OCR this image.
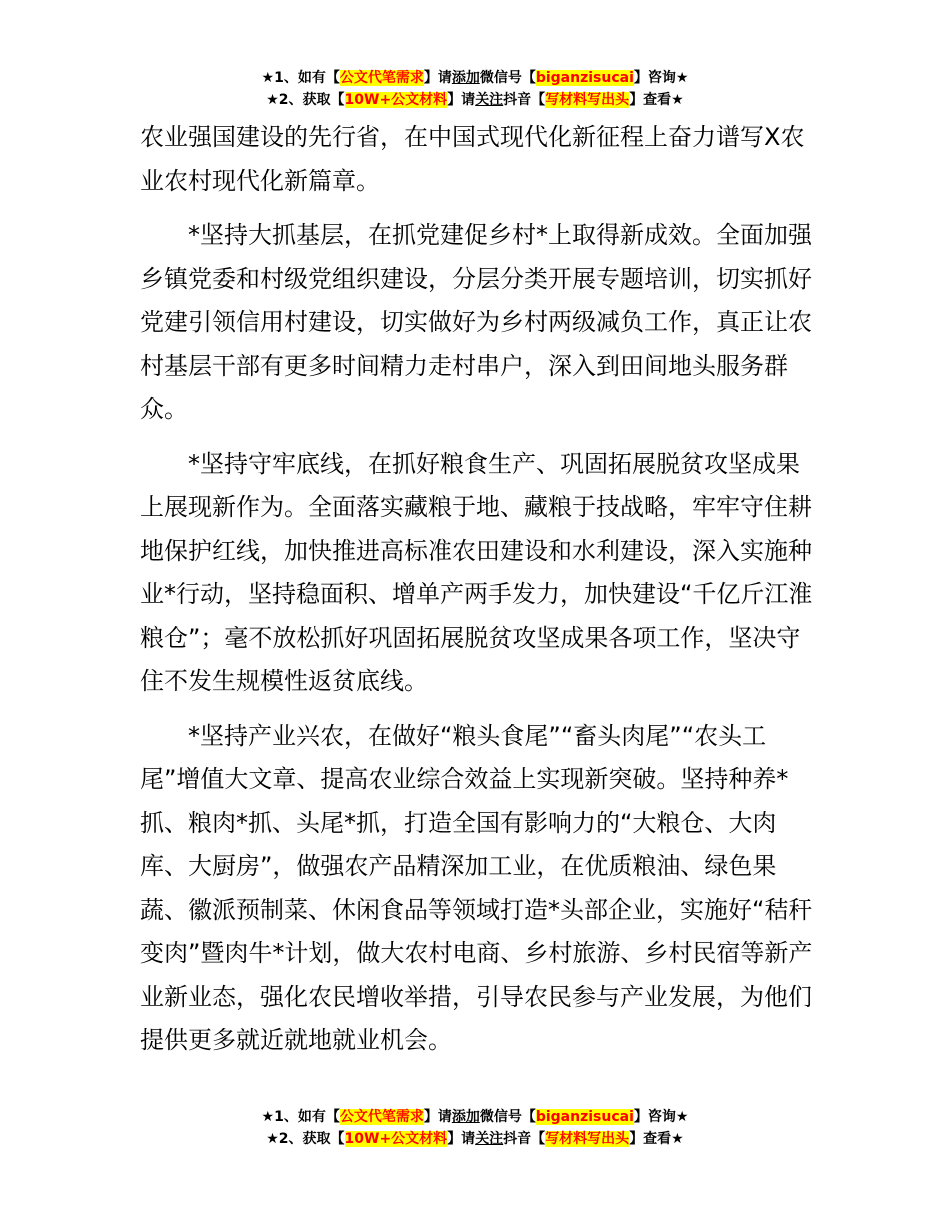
★1、如有【公文代笔需求】请添加微信号【biganzisucai】咨询★
★2、获取【10W+公文材料】请关注抖音【写材料写出头】查看★

农业强国建设的先行省，在中国式现代化新征程上奋力谱写X农业农村现代化新篇章。

*坚持大抓基层，在抓党建促乡村*上取得新成效。全面加强乡镇党委和村级党组织建设，分层分类开展专题培训，切实抓好党建引领信用村建设，切实做好为乡村两级减负工作，真正让农村基层干部有更多时间精力走村串户，深入到田间地头服务群众。

*坚持守牢底线，在抓好粮食生产、巩固拓展脱贫攻坚成果上展现新作为。全面落实藏粮于地、藏粮于技战略，牢牢守住耕地保护红线，加快推进高标准农田建设和水利建设，深入实施种业*行动，坚持稳面积、增单产两手发力，加快建设“千亿斤江淮粮仓”；毫不放松抓好巩固拓展脱贫攻坚成果各项工作，坚决守住不发生规模性返贫底线。

*坚持产业兴农，在做好“粮头食尾”“畜头肉尾”“农头工尾”增值大文章、提高农业综合效益上实现新突破。坚持种养*抓、粮肉*抓、头尾*抓，打造全国有影响力的“大粮仓、大肉库、大厨房”，做强农产品精深加工业，在优质粮油、绿色果蔬、徽派预制菜、休闲食品等领域打造*头部企业，实施好“秸秆变肉”暨肉牛*计划，做大农村电商、乡村旅游、乡村民宿等新产业新业态，强化农民增收举措，引导农民参与产业发展，为他们提供更多就近就地就业机会。

★1、如有【公文代笔需求】请添加微信号【biganzisucai】咨询★
★2、获取【10W+公文材料】请关注抖音【写材料写出头】查看★
